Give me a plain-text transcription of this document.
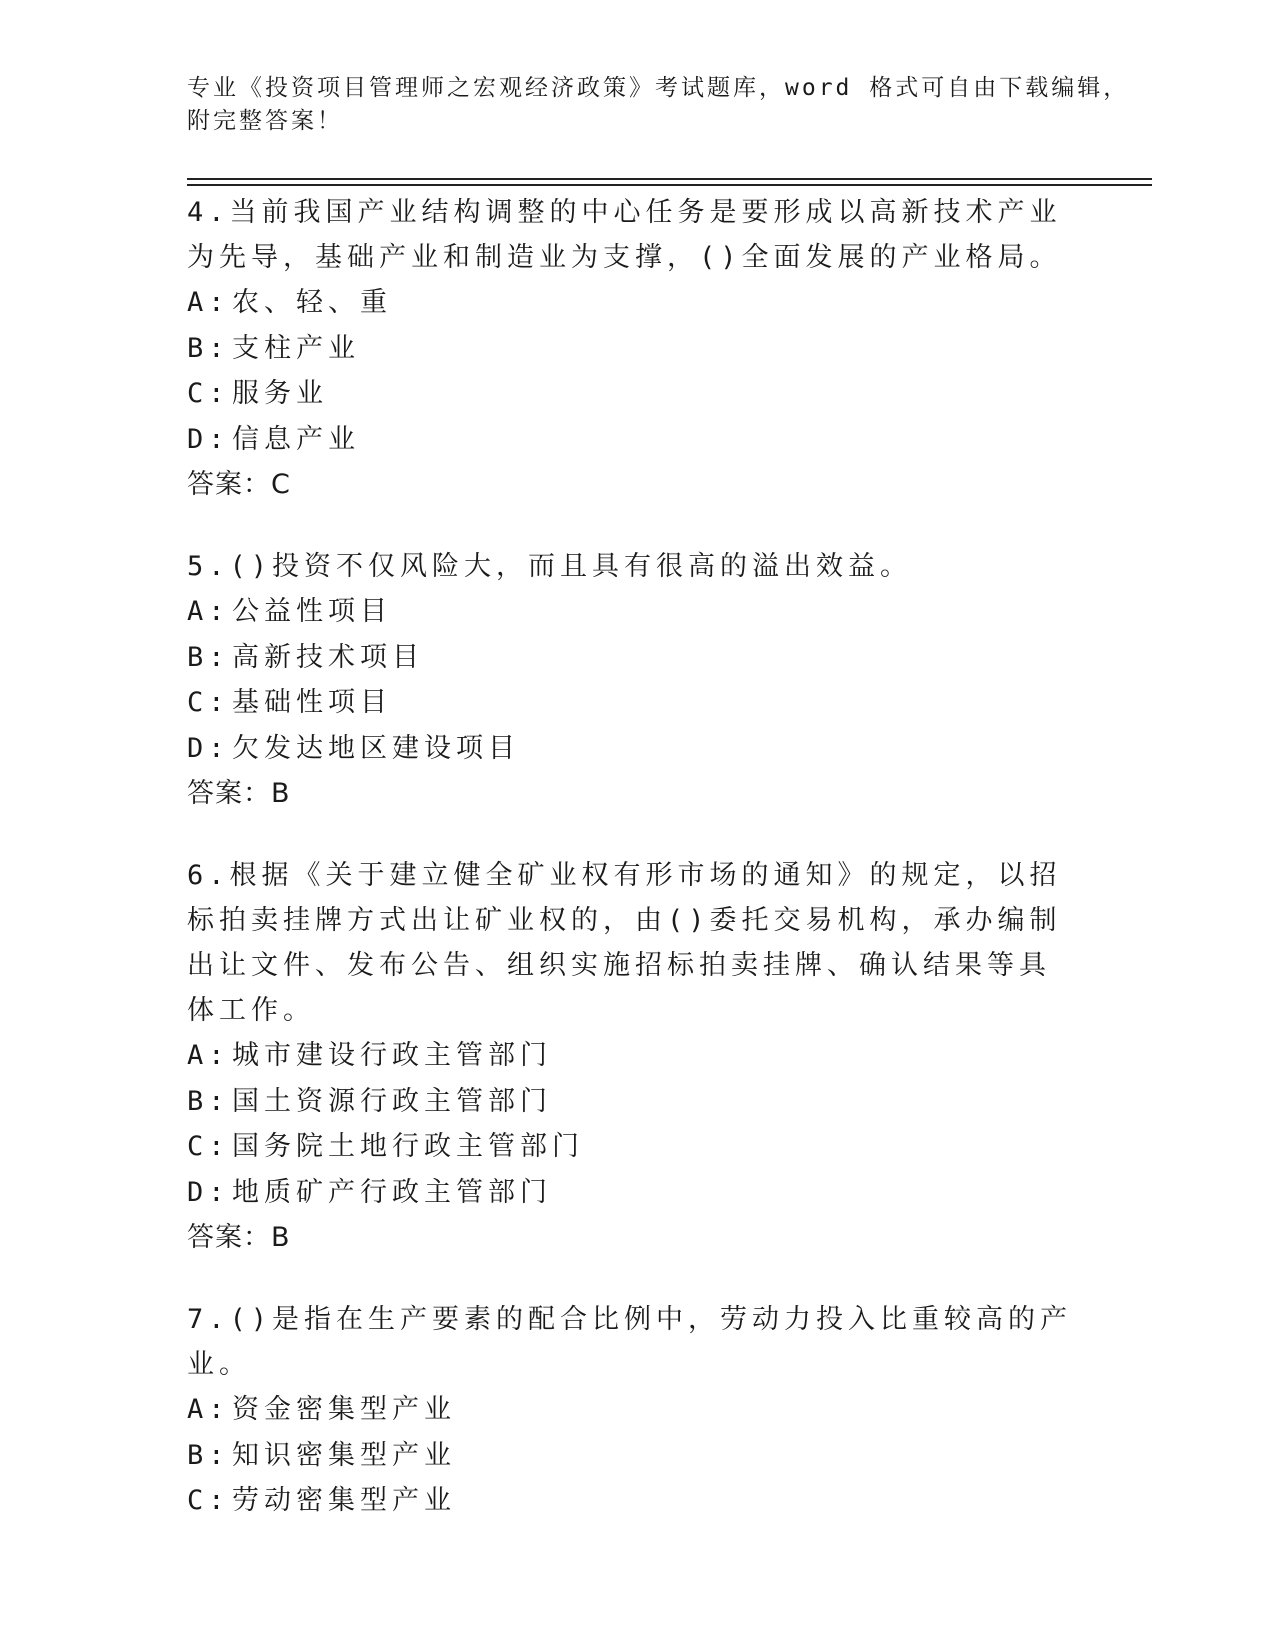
专业《投资项目管理师之宏观经济政策》考试题库，word 格式可自由下载编辑，附完整答案！

4.当前我国产业结构调整的中心任务是要形成以高新技术产业为先导，基础产业和制造业为支撑，()全面发展的产业格局。

A: 农、轻、重
B: 支柱产业
C: 服务业
D: 信息产业

答案：C

5.()投资不仅风险大，而且具有很高的溢出效益。

A: 公益性项目
B: 高新技术项目
C: 基础性项目
D: 欠发达地区建设项目

答案：B

6.根据《关于建立健全矿业权有形市场的通知》的规定，以招标拍卖挂牌方式出让矿业权的，由()委托交易机构，承办编制出让文件、发布公告、组织实施招标拍卖挂牌、确认结果等具体工作。

A: 城市建设行政主管部门
B: 国土资源行政主管部门
C: 国务院土地行政主管部门
D: 地质矿产行政主管部门

答案：B

7.()是指在生产要素的配合比例中，劳动力投入比重较高的产业。

A: 资金密集型产业
B: 知识密集型产业
C: 劳动密集型产业
